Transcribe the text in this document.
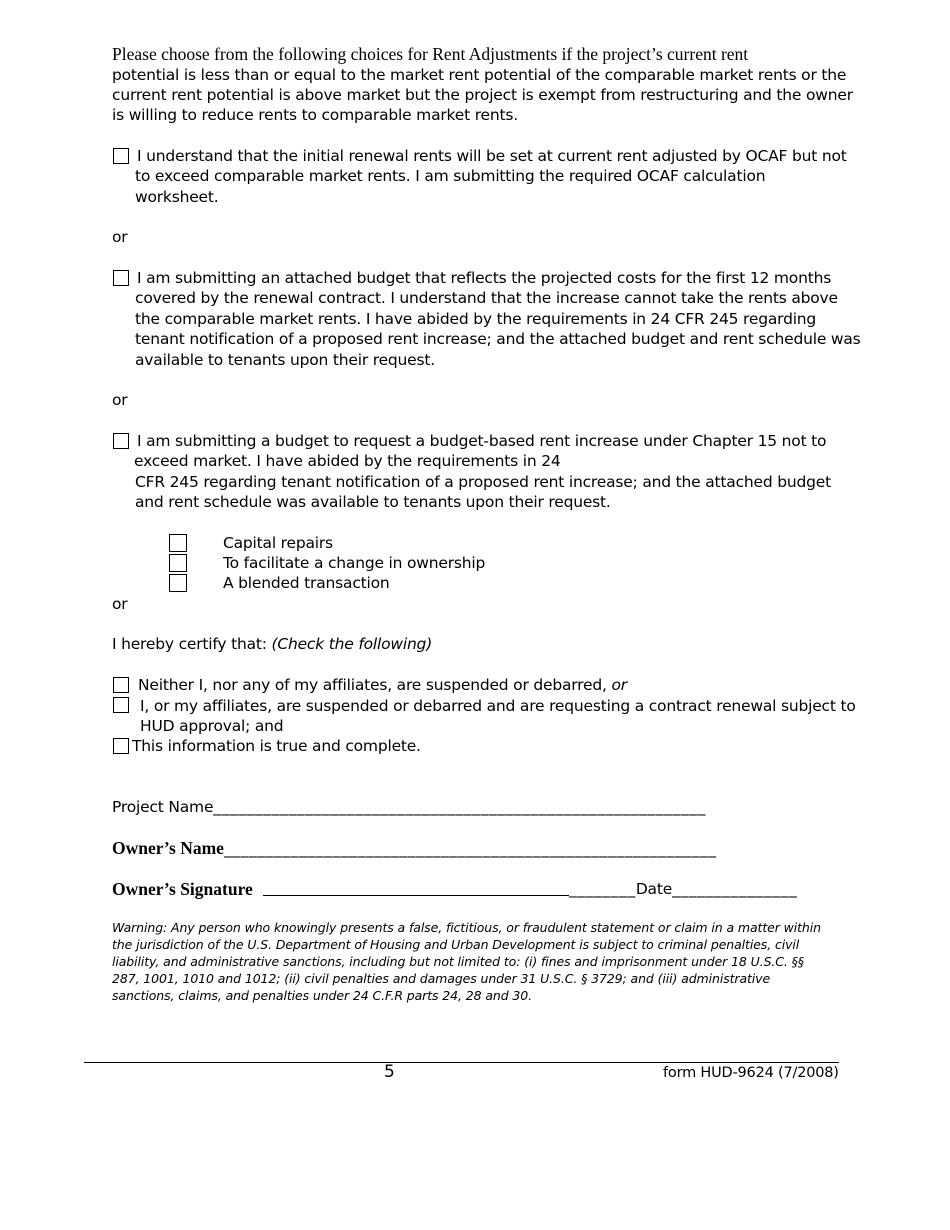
Please choose from the following choices for Rent Adjustments if the project’s current rent
potential is less than or equal to the market rent potential of the comparable market rents or the
current rent potential is above market but the project is exempt from restructuring and the owner
is willing to reduce rents to comparable market rents.
I understand that the initial renewal rents will be set at current rent adjusted by OCAF but not
to exceed comparable market rents. I am submitting the required OCAF calculation
worksheet.
or
I am submitting an attached budget that reflects the projected costs for the first 12 months
covered by the renewal contract. I understand that the increase cannot take the rents above
the comparable market rents. I have abided by the requirements in 24 CFR 245 regarding
tenant notification of a proposed rent increase; and the attached budget and rent schedule was
available to tenants upon their request.
or
I am submitting a budget to request a budget-based rent increase under Chapter 15 not to
exceed market. I have abided by the requirements in 24
CFR 245 regarding tenant notification of a proposed rent increase; and the attached budget
and rent schedule was available to tenants upon their request.
Capital repairs
To facilitate a change in ownership
A blended transaction
or
I hereby certify that: (Check the following)
Neither I, nor any of my affiliates, are suspended or debarred, or
I, or my affiliates, are suspended or debarred and are requesting a contract renewal subject to
HUD approval; and
This information is true and complete.
Project Name___________________________________________________________
Owner’s Name___________________________________________________________
Owner’s Signature	________Date_______________
Warning: Any person who knowingly presents a false, fictitious, or fraudulent statement or claim in a matter within
the jurisdiction of the U.S. Department of Housing and Urban Development is subject to criminal penalties, civil
liability, and administrative sanctions, including but not limited to: (i) fines and imprisonment under 18 U.S.C. §§
287, 1001, 1010 and 1012; (ii) civil penalties and damages under 31 U.S.C. § 3729; and (iii) administrative
sanctions, claims, and penalties under 24 C.F.R parts 24, 28 and 30.
5	form HUD-9624 (7/2008)
